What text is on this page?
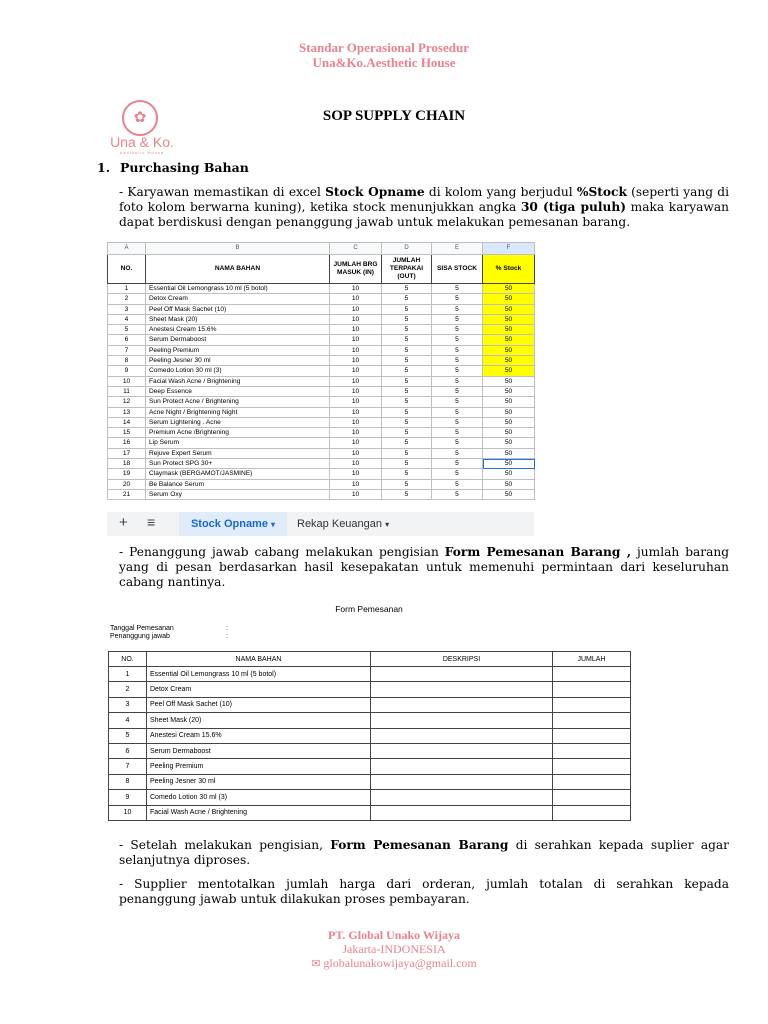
Standar Operasional Prosedur
Una&Ko.Aesthetic House
✿
Una & Ko.
Aesthetic House
SOP SUPPLY CHAIN
1. Purchasing Bahan
- Karyawan memastikan di excel Stock Opname di kolom yang berjudul %Stock (seperti yang di foto kolom berwarna kuning), ketika stock menunjukkan angka 30 (tiga puluh) maka karyawan dapat berdiskusi dengan penanggung jawab untuk melakukan pemesanan barang.
A	B	C	D	E	F
NO.	NAMA BAHAN	JUMLAH BRG MASUK (IN)	JUMLAH TERPAKAI (OUT)	SISA STOCK	% Stock
1	Essential Oil Lemongrass 10 ml (5 botol)	10	5	5	50
2	Detox Cream	10	5	5	50
3	Peel Off Mask Sachet (10)	10	5	5	50
4	Sheet Mask (20)	10	5	5	50
5	Anestesi Cream 15.6%	10	5	5	50
6	Serum Dermaboost	10	5	5	50
7	Peeling Premium	10	5	5	50
8	Peeling Jesner 30 ml	10	5	5	50
9	Comedo Lotion 30 ml (3)	10	5	5	50
10	Facial Wash Acne / Brightening	10	5	5	50
11	Deep Essence	10	5	5	50
12	Sun Protect Acne / Brightening	10	5	5	50
13	Acne Night / Brightening Night	10	5	5	50
14	Serum Lightening . Acne	10	5	5	50
15	Premium Acne /Brightening	10	5	5	50
16	Lip Serum	10	5	5	50
17	Rejuve Expert Serum	10	5	5	50
18	Sun Protect SPG 30+	10	5	5	50
19	Claymask (BERGAMOT/JASMINE)	10	5	5	50
20	Be Balance Serum	10	5	5	50
21	Serum Oxy	10	5	5	50
+ ≡	Stock Opname ▾	Rekap Keuangan ▾
- Penanggung jawab cabang melakukan pengisian Form Pemesanan Barang , jumlah barang yang di pesan berdasarkan hasil kesepakatan untuk memenuhi permintaan dari keseluruhan cabang nantinya.
Form Pemesanan
Tanggal Pemesanan	:
Penanggung jawab	:
NO.	NAMA BAHAN	DESKRIPSI	JUMLAH
1	Essential Oil Lemongrass 10 ml (5 botol)		
2	Detox Cream		
3	Peel Off Mask Sachet (10)		
4	Sheet Mask (20)		
5	Anestesi Cream 15.6%		
6	Serum Dermaboost		
7	Peeling Premium		
8	Peeling Jesner 30 ml		
9	Comedo Lotion 30 ml (3)		
10	Facial Wash Acne / Brightening		
- Setelah melakukan pengisian, Form Pemesanan Barang di serahkan kepada suplier agar selanjutnya diproses.
- Supplier mentotalkan jumlah harga dari orderan, jumlah totalan di serahkan kepada penanggung jawab untuk dilakukan proses pembayaran.
PT. Global Unako Wijaya
Jakarta-INDONESIA
✉ globalunakowijaya@gmail.com
